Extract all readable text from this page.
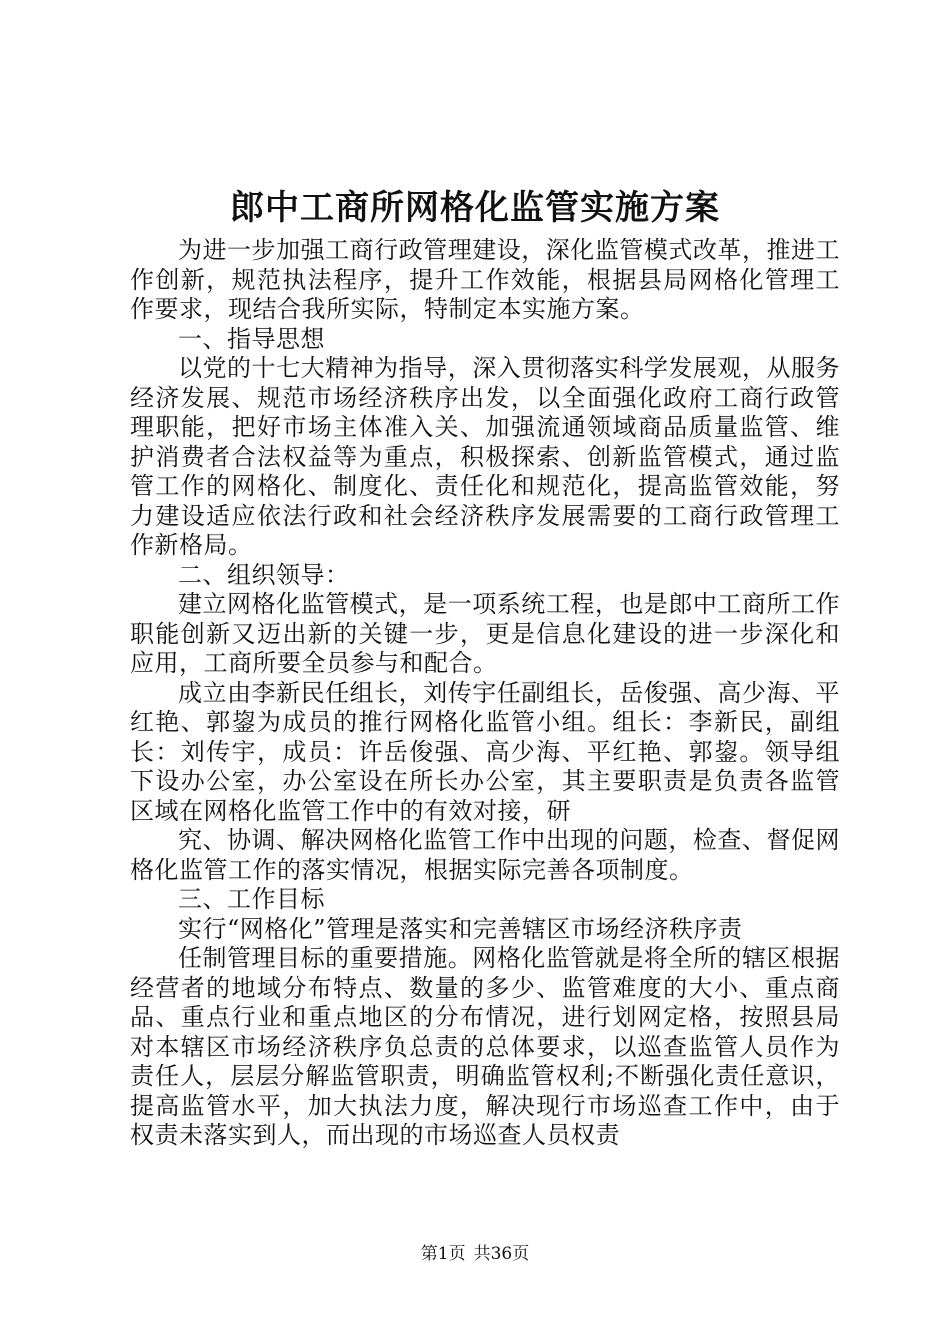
郎中工商所网格化监管实施方案

为进一步加强工商行政管理建设，深化监管模式改革，推进工作创新，规范执法程序，提升工作效能，根据县局网格化管理工作要求，现结合我所实际，特制定本实施方案。

一、指导思想

以党的十七大精神为指导，深入贯彻落实科学发展观，从服务经济发展、规范市场经济秩序出发，以全面强化政府工商行政管理职能，把好市场主体准入关、加强流通领域商品质量监管、维护消费者合法权益等为重点，积极探索、创新监管模式，通过监管工作的网格化、制度化、责任化和规范化，提高监管效能，努力建设适应依法行政和社会经济秩序发展需要的工商行政管理工作新格局。

二、组织领导：

建立网格化监管模式，是一项系统工程，也是郎中工商所工作职能创新又迈出新的关键一步，更是信息化建设的进一步深化和应用，工商所要全员参与和配合。

成立由李新民任组长，刘传宇任副组长，岳俊强、高少海、平红艳、郭鋆为成员的推行网格化监管小组。组长：李新民，副组长：刘传宇，成员：许岳俊强、高少海、平红艳、郭鋆。领导组下设办公室，办公室设在所长办公室，其主要职责是负责各监管区域在网格化监管工作中的有效对接，研

究、协调、解决网格化监管工作中出现的问题，检查、督促网格化监管工作的落实情况，根据实际完善各项制度。

三、工作目标

实行“网格化”管理是落实和完善辖区市场经济秩序责

任制管理目标的重要措施。网格化监管就是将全所的辖区根据经营者的地域分布特点、数量的多少、监管难度的大小、重点商品、重点行业和重点地区的分布情况，进行划网定格，按照县局对本辖区市场经济秩序负总责的总体要求，以巡查监管人员作为责任人，层层分解监管职责，明确监管权利;不断强化责任意识，提高监管水平，加大执法力度，解决现行市场巡查工作中，由于权责未落实到人，而出现的市场巡查人员权责

第1页 共36页
